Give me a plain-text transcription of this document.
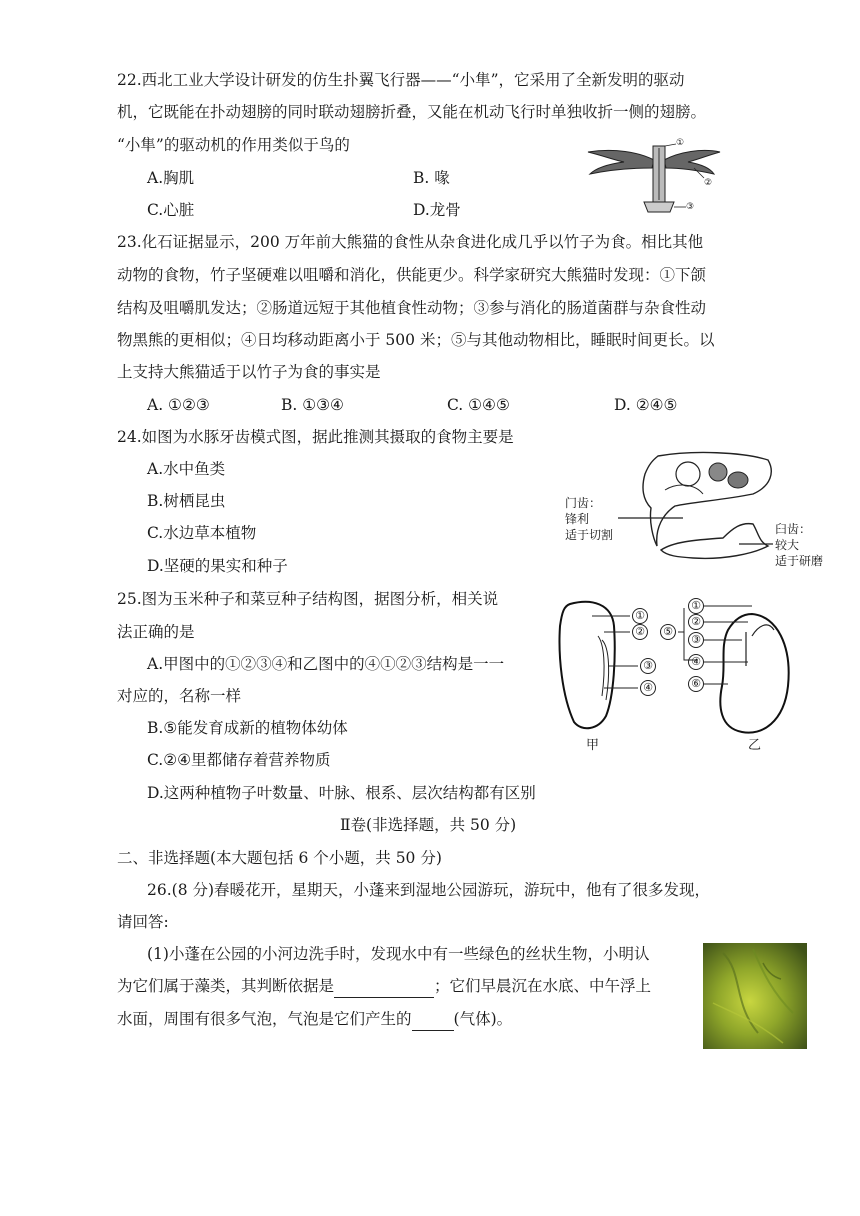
22.西北工业大学设计研发的仿生扑翼飞行器——“小隼”，它采用了全新发明的驱动
机，它既能在扑动翅膀的同时联动翅膀折叠，又能在机动飞行时单独收折一侧的翅膀。
“小隼”的驱动机的作用类似于鸟的
A.胸肌	B. 喙
C.心脏	D.龙骨
①
②
③
23.化石证据显示，200 万年前大熊猫的食性从杂食进化成几乎以竹子为食。相比其他
动物的食物，竹子坚硬难以咀嚼和消化，供能更少。科学家研究大熊猫时发现：①下颌
结构及咀嚼肌发达；②肠道远短于其他植食性动物；③参与消化的肠道菌群与杂食性动
物黑熊的更相似；④日均移动距离小于 500 米；⑤与其他动物相比，睡眠时间更长。以
上支持大熊猫适于以竹子为食的事实是
A. ①②③	B. ①③④	C. ①④⑤	D. ②④⑤
24.如图为水豚牙齿模式图，据此推测其摄取的食物主要是
A.水中鱼类
B.树栖昆虫
C.水边草本植物
D.坚硬的果实和种子
门齿：
锋利
适于切割	臼齿：
较大
适于研磨
25.图为玉米种子和菜豆种子结构图，据图分析，相关说
法正确的是
A.甲图中的①②③④和乙图中的④①②③结构是一一
对应的，名称一样
B.⑤能发育成新的植物体幼体
C.②④里都储存着营养物质
D.这两种植物子叶数量、叶脉、根系、层次结构都有区别
①
②
③
④
①
②
③
④
⑤
⑥
甲	乙
Ⅱ卷(非选择题，共 50 分)
二、非选择题(本大题包括 6 个小题，共 50 分)
26.(8 分)春暖花开，星期天，小蓬来到湿地公园游玩，游玩中，他有了很多发现，
请回答:
(1)小蓬在公园的小河边洗手时，发现水中有一些绿色的丝状生物，小明认
为它们属于藻类，其判断依据是	；它们早晨沉在水底、中午浮上
水面，周围有很多气泡，气泡是它们产生的	(气体)。
